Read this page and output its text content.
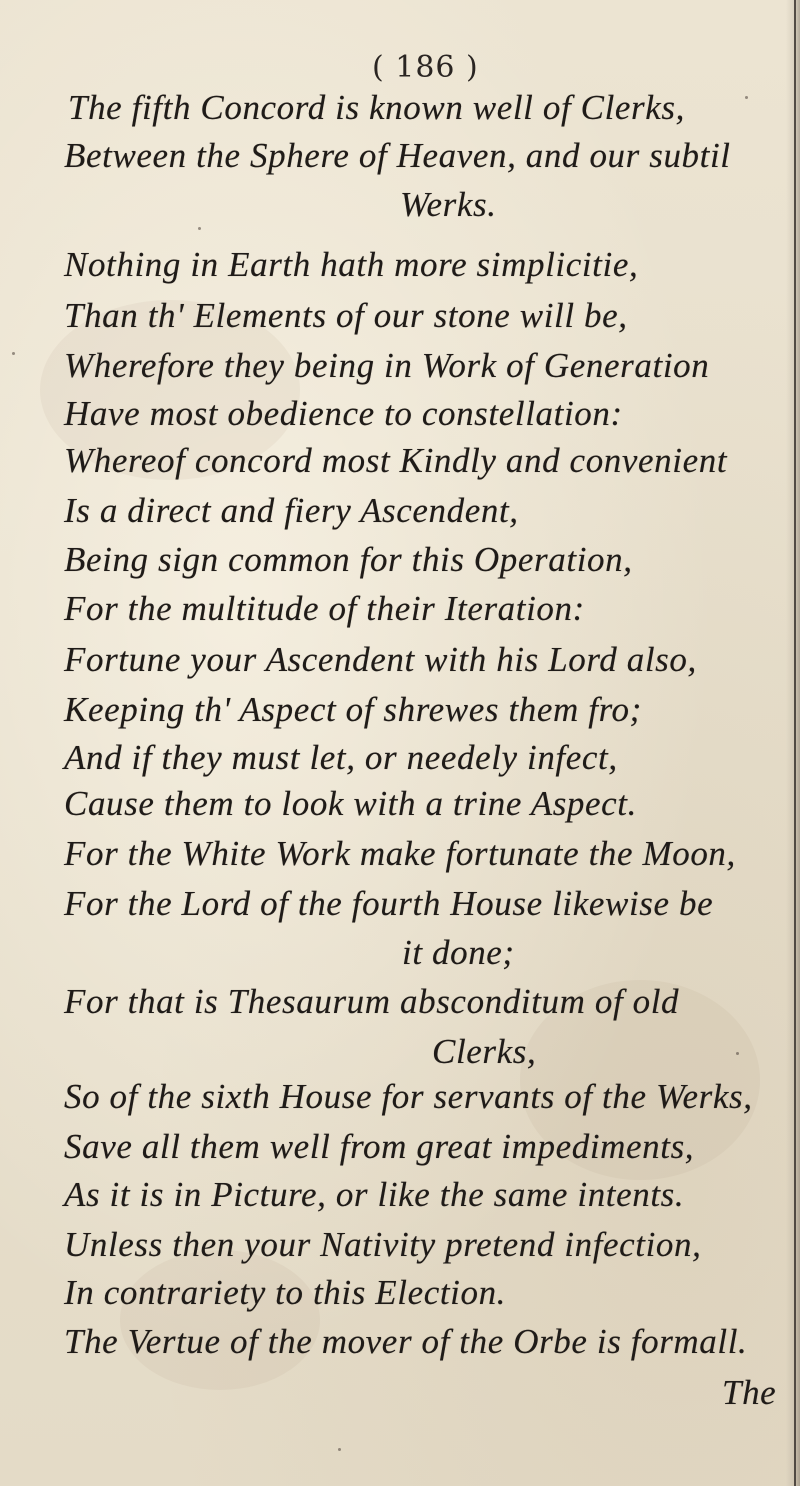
( 186 )
The fifth Concord is known well of Clerks,
Between the Sphere of Heaven, and our subtil
Werks.
Nothing in Earth hath more simplicitie,
Than th' Elements of our stone will be,
Wherefore they being in Work of Generation
Have most obedience to constellation:
Whereof concord most Kindly and convenient
Is a direct and fiery Ascendent,
Being sign common for this Operation,
For the multitude of their Iteration:
Fortune your Ascendent with his Lord also,
Keeping th' Aspect of shrewes them fro;
And if they must let, or needely infect,
Cause them to look with a trine Aspect.
For the White Work make fortunate the Moon,
For the Lord of the fourth House likewise be
it done;
For that is Thesaurum absconditum of old
Clerks,
So of the sixth House for servants of the Werks,
Save all them well from great impediments,
As it is in Picture, or like the same intents.
Unless then your Nativity pretend infection,
In contrariety to this Election.
The Vertue of the mover of the Orbe is formall.
The
